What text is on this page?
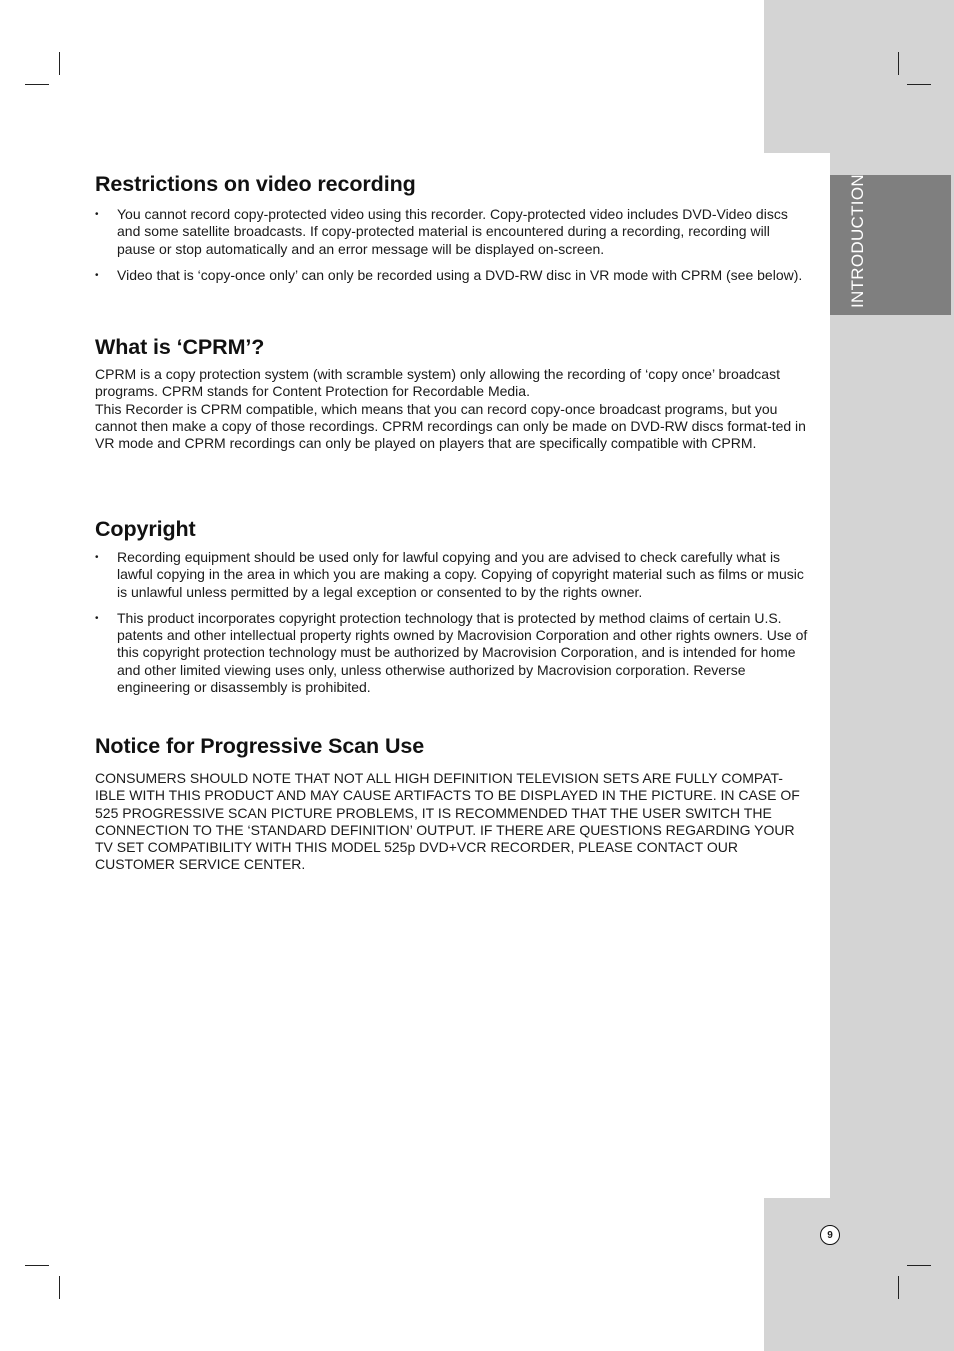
INTRODUCTION
9
Restrictions on video recording
• You cannot record copy-protected video using this recorder. Copy-protected video includes DVD-Video discs and some satellite broadcasts. If copy-protected material is encountered during a recording, recording will pause or stop automatically and an error message will be displayed on-screen.
• Video that is ‘copy-once only’ can only be recorded using a DVD-RW disc in VR mode with CPRM (see below).
What is ‘CPRM’?

CPRM is a copy protection system (with scramble system) only allowing the recording of ‘copy once’ broadcast programs. CPRM stands for Content Protection for Recordable Media.

This Recorder is CPRM compatible, which means that you can record copy-once broadcast programs, but you cannot then make a copy of those recordings. CPRM recordings can only be made on DVD-RW discs format-ted in VR mode and CPRM recordings can only be played on players that are specifically compatible with CPRM.

Copyright
• Recording equipment should be used only for lawful copying and you are advised to check carefully what is lawful copying in the area in which you are making a copy. Copying of copyright material such as films or music is unlawful unless permitted by a legal exception or consented to by the rights owner.
• This product incorporates copyright protection technology that is protected by method claims of certain U.S. patents and other intellectual property rights owned by Macrovision Corporation and other rights owners. Use of this copyright protection technology must be authorized by Macrovision Corporation, and is intended for home and other limited viewing uses only, unless otherwise authorized by Macrovision corporation. Reverse engineering or disassembly is prohibited.
Notice for Progressive Scan Use

CONSUMERS SHOULD NOTE THAT NOT ALL HIGH DEFINITION TELEVISION SETS ARE FULLY COMPAT-IBLE WITH THIS PRODUCT AND MAY CAUSE ARTIFACTS TO BE DISPLAYED IN THE PICTURE. IN CASE OF 525 PROGRESSIVE SCAN PICTURE PROBLEMS, IT IS RECOMMENDED THAT THE USER SWITCH THE CONNECTION TO THE ‘STANDARD DEFINITION’ OUTPUT. IF THERE ARE QUESTIONS REGARDING YOUR TV SET COMPATIBILITY WITH THIS MODEL 525p DVD+VCR RECORDER, PLEASE CONTACT OUR CUSTOMER SERVICE CENTER.
